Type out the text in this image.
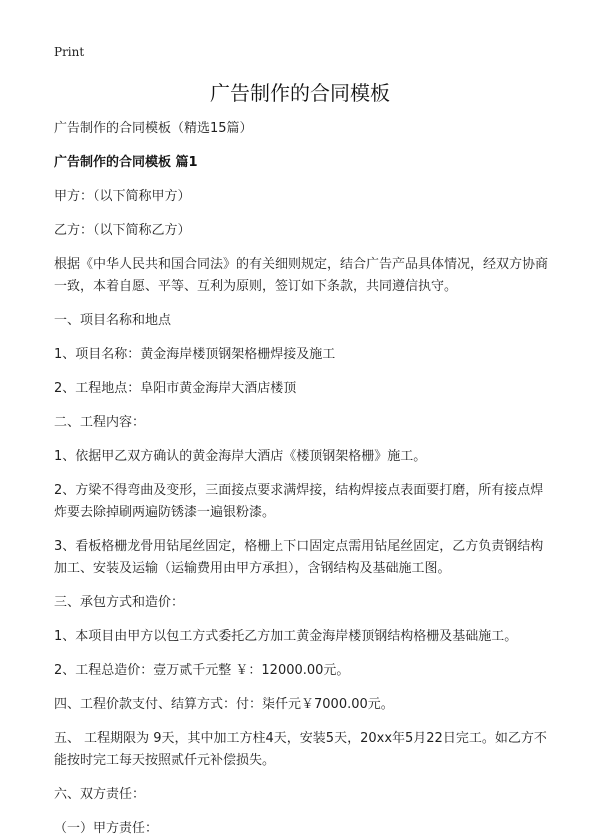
Print
广告制作的合同模板

广告制作的合同模板（精选15篇）

广告制作的合同模板 篇1

甲方：（以下简称甲方）

乙方：（以下简称乙方）

根据《中华人民共和国合同法》的有关细则规定，结合广告产品具体情况，经双方协商一致，本着自愿、平等、互利为原则，签订如下条款，共同遵信执守。

一、项目名称和地点

1、项目名称：黄金海岸楼顶钢架格栅焊接及施工

2、工程地点：阜阳市黄金海岸大酒店楼顶

二、工程内容：

1、依据甲乙双方确认的黄金海岸大酒店《楼顶钢架格栅》施工。

2、方梁不得弯曲及变形，三面接点要求满焊接，结构焊接点表面要打磨，所有接点焊炸要去除掉刷两遍防锈漆一遍银粉漆。

3、看板格栅龙骨用钻尾丝固定，格栅上下口固定点需用钻尾丝固定，乙方负责钢结构加工、安装及运输（运输费用由甲方承担），含钢结构及基础施工图。

三、承包方式和造价：

1、本项目由甲方以包工方式委托乙方加工黄金海岸楼顶钢结构格栅及基础施工。

2、工程总造价：壹万贰千元整 ￥：12000.00元。

四、工程价款支付、结算方式：付：柒仟元￥7000.00元。

五、 工程期限为 9天，其中加工方柱4天，安装5天，20xx年5月22日完工。如乙方不能按时完工每天按照贰仟元补偿损失。

六、双方责任：

（一）甲方责任：
